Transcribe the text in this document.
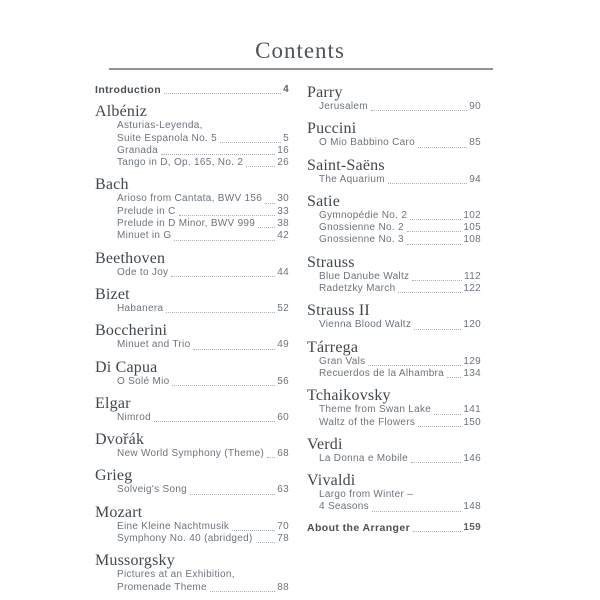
Contents
Introduction	4
Albéniz
Asturias-Leyenda,
Suite Espanola No. 5	5
Granada	16
Tango in D, Op. 165, No. 2	26
Bach
Arioso from Cantata, BWV 156 30
Prelude in C	33
Prelude in D Minor, BWV 999 38
Minuet in G	42
Beethoven
Ode to Joy	44
Bizet
Habanera	52
Boccherini
Minuet and Trio	49
Di Capua
O Solé Mio	56
Elgar
Nimrod	60
Dvořák
New World Symphony (Theme) 68
Grieg
Solveig's Song	63
Mozart
Eine Kleine Nachtmusik	70
Symphony No. 40 (abridged) 78
Mussorgsky
Pictures at an Exhibition,
Promenade Theme	88
Parry
Jerusalem	90
Puccini
O Mio Babbino Caro	85
Saint-Saëns
The Aquarium	94
Satie
Gymnopédie No. 2	102
Gnossienne No. 2	105
Gnossienne No. 3	108
Strauss
Blue Danube Waltz	112
Radetzky March	122
Strauss II
Vienna Blood Waltz	120
Tárrega
Gran Vals	129
Recuerdos de la Alhambra 134
Tchaikovsky
Theme from Swan Lake	141
Waltz of the Flowers	150
Verdi
La Donna e Mobile	146
Vivaldi
Largo from Winter –
4 Seasons	148
About the Arranger	159
